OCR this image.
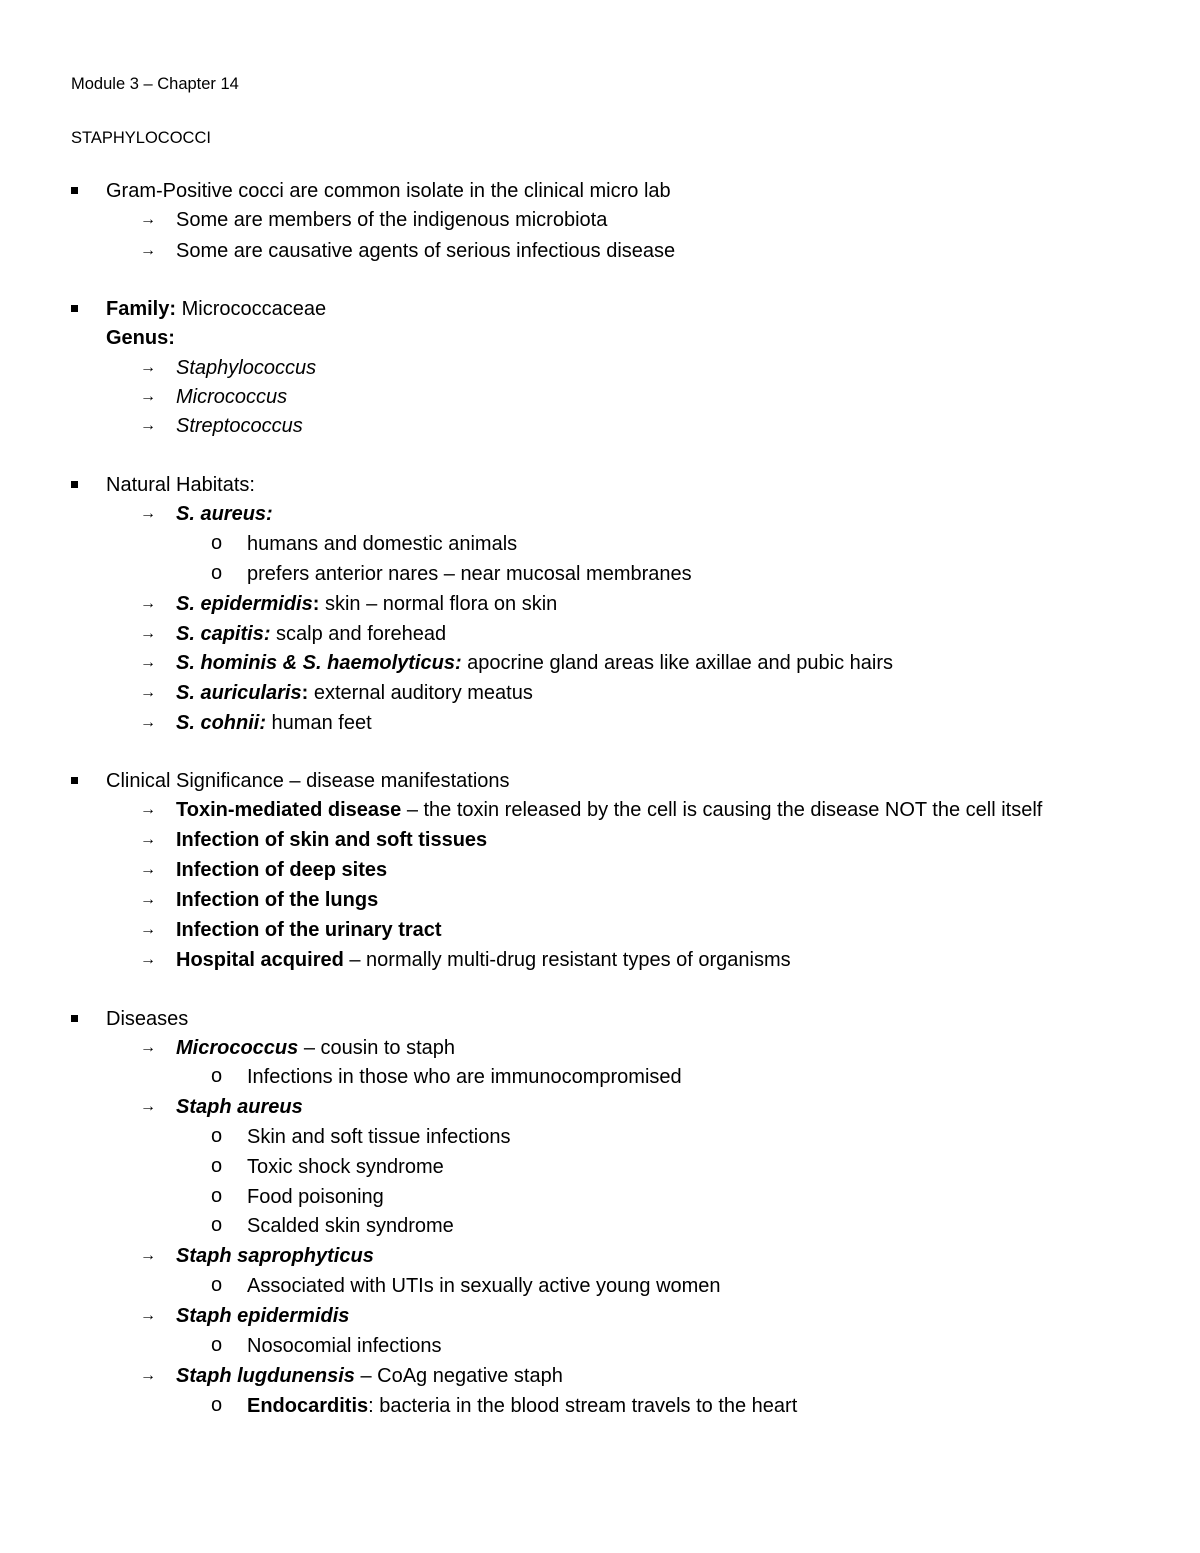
Module 3 – Chapter 14
STAPHYLOCOCCI
Gram-Positive cocci are common isolate in the clinical micro lab
→ Some are members of the indigenous microbiota
→ Some are causative agents of serious infectious disease
Family: Micrococcaceae
Genus:
→ Staphylococcus
→ Micrococcus
→ Streptococcus
Natural Habitats:
→ S. aureus:
o humans and domestic animals
o prefers anterior nares – near mucosal membranes
→ S. epidermidis: skin – normal flora on skin
→ S. capitis: scalp and forehead
→ S. hominis & S. haemolyticus: apocrine gland areas like axillae and pubic hairs
→ S. auricularis: external auditory meatus
→ S. cohnii: human feet
Clinical Significance – disease manifestations
→ Toxin-mediated disease – the toxin released by the cell is causing the disease NOT the cell itself
→ Infection of skin and soft tissues
→ Infection of deep sites
→ Infection of the lungs
→ Infection of the urinary tract
→ Hospital acquired – normally multi-drug resistant types of organisms
Diseases
→ Micrococcus – cousin to staph
o Infections in those who are immunocompromised
→ Staph aureus
o Skin and soft tissue infections
o Toxic shock syndrome
o Food poisoning
o Scalded skin syndrome
→ Staph saprophyticus
o Associated with UTIs in sexually active young women
→ Staph epidermidis
o Nosocomial infections
→ Staph lugdunensis – CoAg negative staph
o Endocarditis: bacteria in the blood stream travels to the heart
